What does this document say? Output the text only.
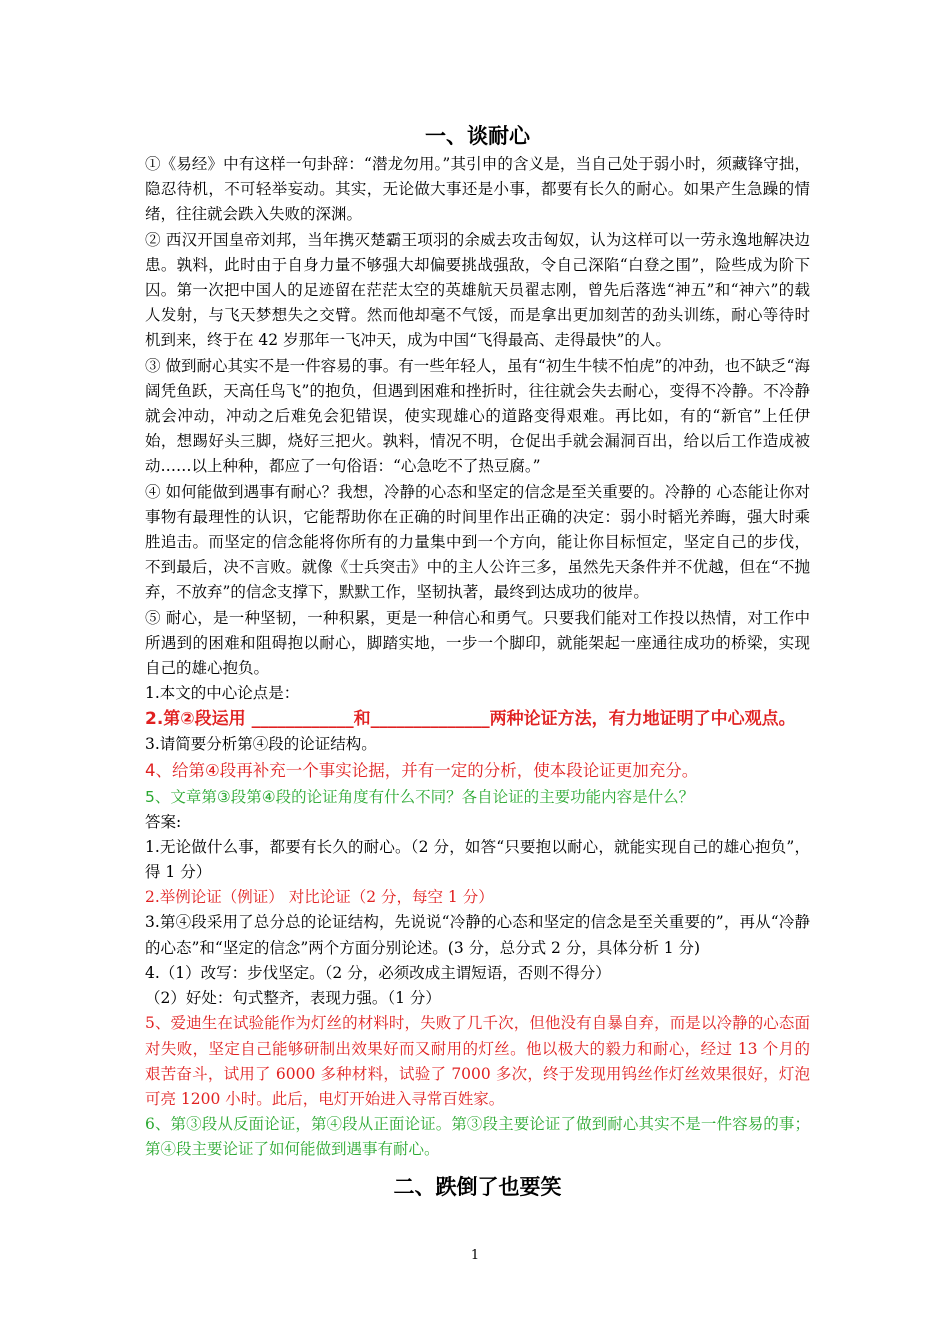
一、谈耐心

①《易经》中有这样一句卦辞：“潜龙勿用。”其引申的含义是，当自己处于弱小时，须藏锋守拙，隐忍待机，不可轻举妄动。其实，无论做大事还是小事，都要有长久的耐心。如果产生急躁的情绪，往往就会跌入失败的深渊。

② 西汉开国皇帝刘邦，当年携灭楚霸王项羽的余威去攻击匈奴，认为这样可以一劳永逸地解决边患。孰料，此时由于自身力量不够强大却偏要挑战强敌，令自己深陷“白登之围”，险些成为阶下囚。第一次把中国人的足迹留在茫茫太空的英雄航天员翟志刚，曾先后落选“神五”和“神六”的载人发射，与飞天梦想失之交臂。然而他却毫不气馁，而是拿出更加刻苦的劲头训练，耐心等待时机到来，终于在 42 岁那年一飞冲天，成为中国“飞得最高、走得最快”的人。

③ 做到耐心其实不是一件容易的事。有一些年轻人，虽有“初生牛犊不怕虎”的冲劲，也不缺乏“海阔凭鱼跃，天高任鸟飞”的抱负，但遇到困难和挫折时，往往就会失去耐心，变得不冷静。不冷静就会冲动，冲动之后难免会犯错误，使实现雄心的道路变得艰难。再比如，有的“新官”上任伊始，想踢好头三脚，烧好三把火。孰料，情况不明，仓促出手就会漏洞百出，给以后工作造成被动……以上种种，都应了一句俗语：“心急吃不了热豆腐。”

④ 如何能做到遇事有耐心？我想，冷静的心态和坚定的信念是至关重要的。冷静的 心态能让你对事物有最理性的认识，它能帮助你在正确的时间里作出正确的决定：弱小时韬光养晦，强大时乘胜追击。而坚定的信念能将你所有的力量集中到一个方向，能让你目标恒定，坚定自己的步伐，不到最后，决不言败。就像《士兵突击》中的主人公许三多，虽然先天条件并不优越，但在“不抛弃，不放弃”的信念支撑下，默默工作，坚韧执著，最终到达成功的彼岸。

⑤ 耐心，是一种坚韧，一种积累，更是一种信心和勇气。只要我们能对工作投以热情，对工作中所遇到的困难和阻碍抱以耐心，脚踏实地，一步一个脚印，就能架起一座通往成功的桥梁，实现自己的雄心抱负。

1.本文的中心论点是：

2.第②段运用 ____________和______________两种论证方法，有力地证明了中心观点。

3.请简要分析第④段的论证结构。

4、给第④段再补充一个事实论据，并有一定的分析，使本段论证更加充分。

5、文章第③段第④段的论证角度有什么不同？各自论证的主要功能内容是什么？

答案:

1.无论做什么事，都要有长久的耐心。（2 分，如答“只要抱以耐心，就能实现自己的雄心抱负”，得 1 分）

2.举例论证（例证） 对比论证（2 分，每空 1 分）

3.第④段采用了总分总的论证结构，先说说“冷静的心态和坚定的信念是至关重要的”，再从“冷静的心态”和“坚定的信念”两个方面分别论述。(3 分，总分式 2 分，具体分析 1 分)

4.（1）改写：步伐坚定。（2 分，必须改成主谓短语，否则不得分）

（2）好处：句式整齐，表现力强。（1 分）

5、爱迪生在试验能作为灯丝的材料时，失败了几千次，但他没有自暴自弃，而是以冷静的心态面对失败，坚定自己能够研制出效果好而又耐用的灯丝。他以极大的毅力和耐心，经过 13 个月的艰苦奋斗，试用了 6000 多种材料，试验了 7000 多次，终于发现用钨丝作灯丝效果很好，灯泡可亮 1200 小时。此后，电灯开始进入寻常百姓家。

6、第③段从反面论证，第④段从正面论证。第③段主要论证了做到耐心其实不是一件容易的事；第④段主要论证了如何能做到遇事有耐心。

二、跌倒了也要笑
1
